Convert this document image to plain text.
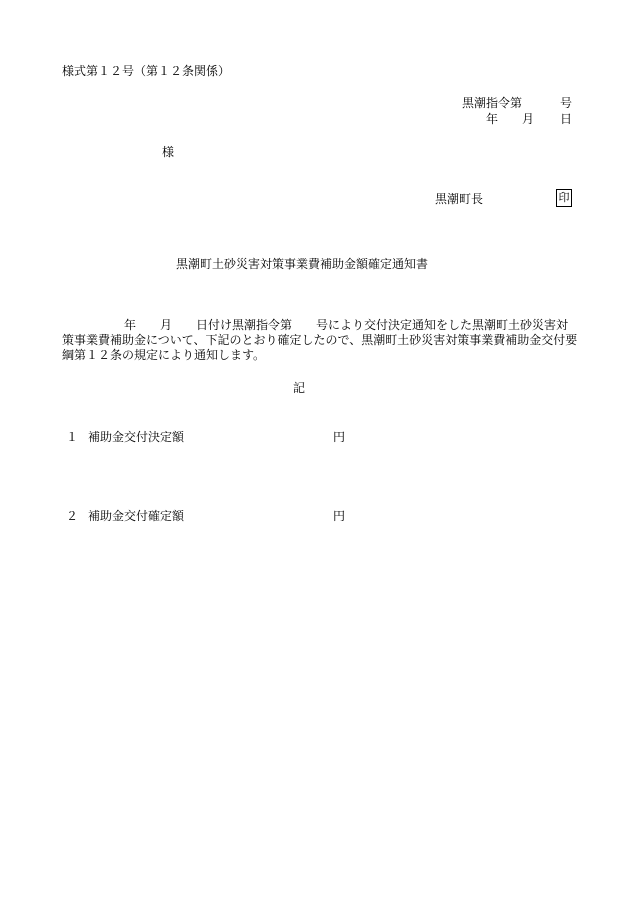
様式第１２号（第１２条関係）
黒潮指令第	号
年 月 日
様
黒潮町長	印
黒潮町土砂災害対策事業費補助金額確定通知書
年　　月　　日付け黒潮指令第　　号により交付決定通知をした黒潮町土砂災害対
策事業費補助金について、下記のとおり確定したので、黒潮町土砂災害対策事業費補助金交付要
綱第１２条の規定により通知します。
記
１ 補助金交付決定額	円
２ 補助金交付確定額	円
